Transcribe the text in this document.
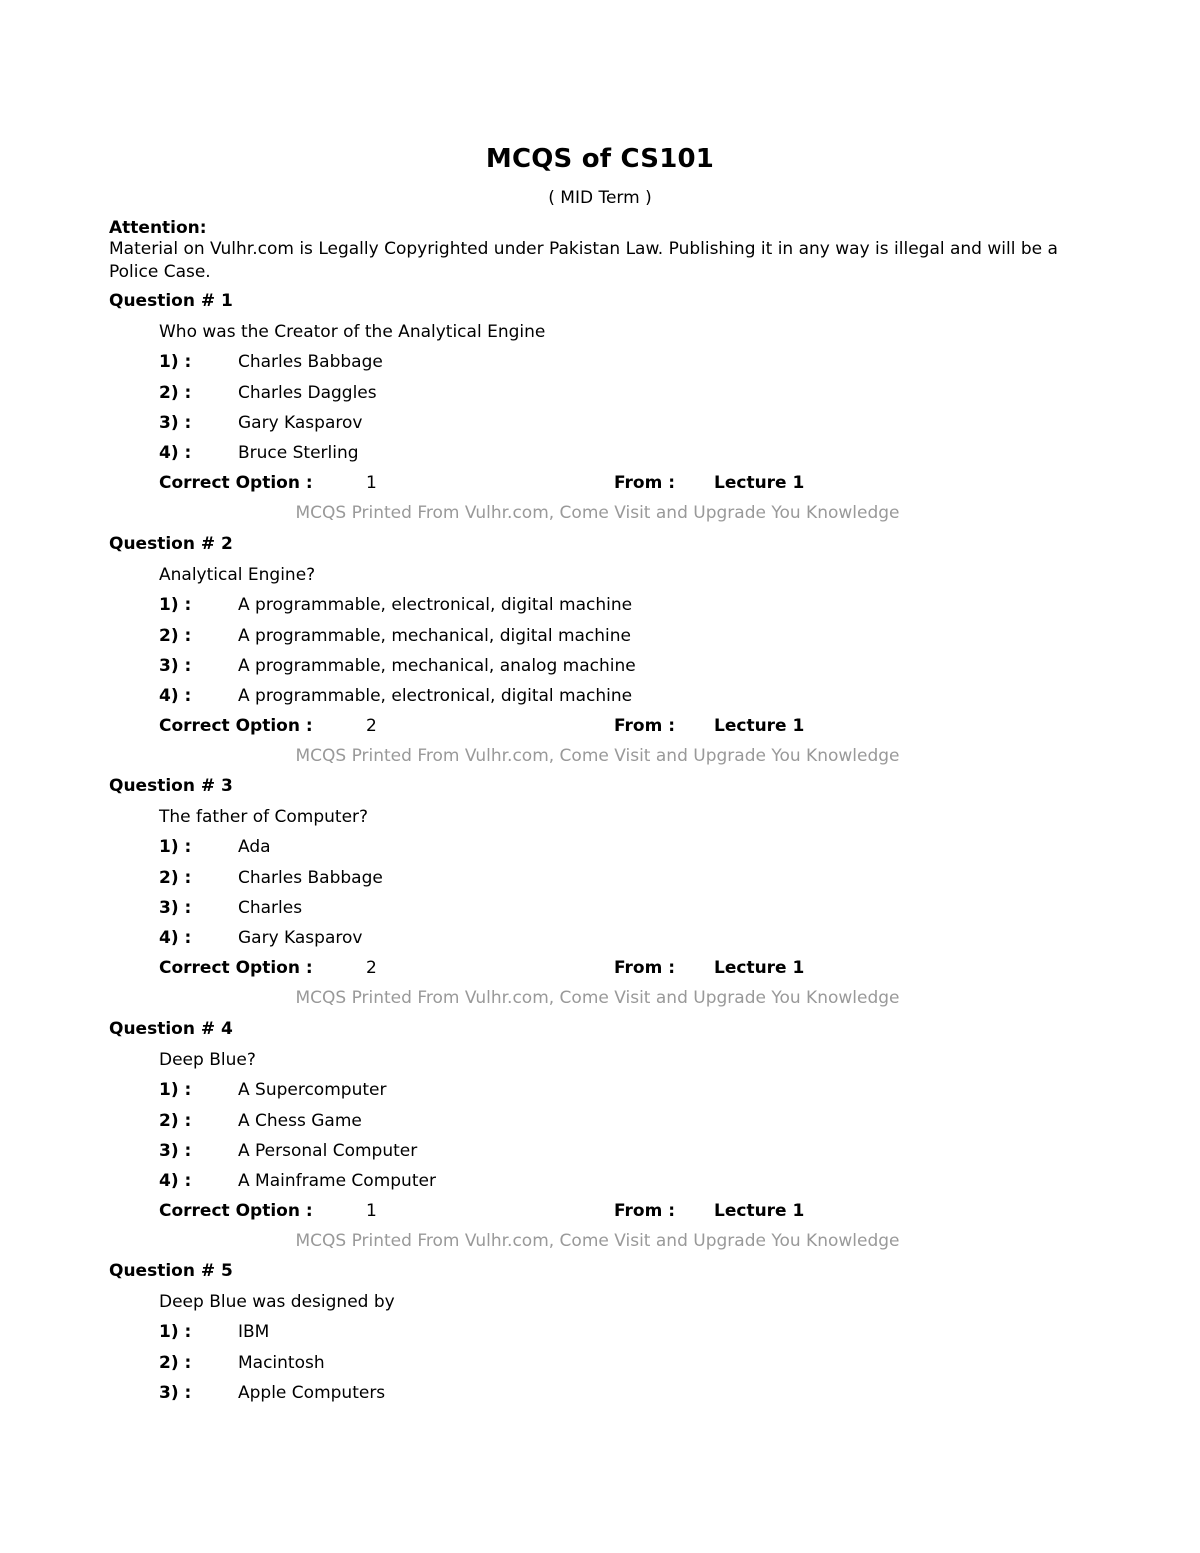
MCQS of CS101
( MID Term )
Attention:
Material on Vulhr.com is Legally Copyrighted under Pakistan Law. Publishing it in any way is illegal and will be a Police Case.
Question # 1
Who was the Creator of the Analytical Engine
1) :	Charles Babbage
2) :	Charles Daggles
3) :	Gary Kasparov
4) :	Bruce Sterling
Correct Option :	1	From : Lecture 1
MCQS Printed From Vulhr.com, Come Visit and Upgrade You Knowledge
Question # 2
Analytical Engine?
1) :	A programmable, electronical, digital machine
2) :	A programmable, mechanical, digital machine
3) :	A programmable, mechanical, analog machine
4) :	A programmable, electronical, digital machine
Correct Option :	2	From : Lecture 1
MCQS Printed From Vulhr.com, Come Visit and Upgrade You Knowledge
Question # 3
The father of Computer?
1) :	Ada
2) :	Charles Babbage
3) :	Charles
4) :	Gary Kasparov
Correct Option :	2	From : Lecture 1
MCQS Printed From Vulhr.com, Come Visit and Upgrade You Knowledge
Question # 4
Deep Blue?
1) :	A Supercomputer
2) :	A Chess Game
3) :	A Personal Computer
4) :	A Mainframe Computer
Correct Option :	1	From : Lecture 1
MCQS Printed From Vulhr.com, Come Visit and Upgrade You Knowledge
Question # 5
Deep Blue was designed by
1) :	IBM
2) :	Macintosh
3) :	Apple Computers
